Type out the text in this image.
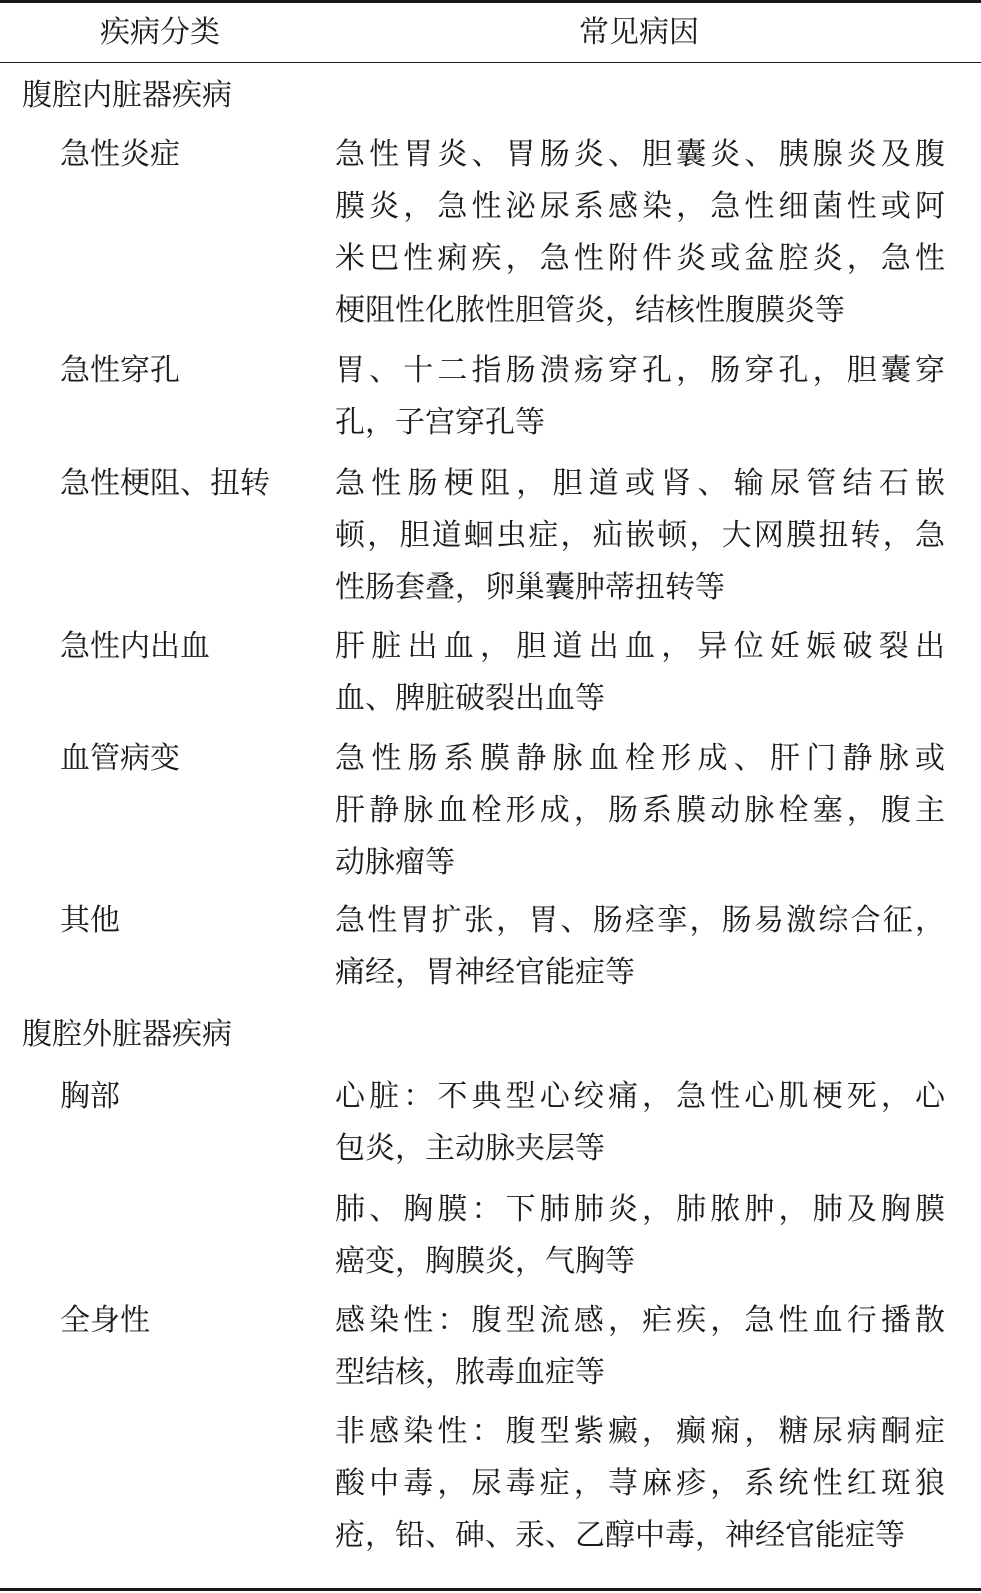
疾病分类	常见病因
腹腔内脏器疾病
急性炎症	急性胃炎、胃肠炎、胆囊炎、胰腺炎及腹
膜炎，急性泌尿系感染，急性细菌性或阿
米巴性痢疾，急性附件炎或盆腔炎，急性
梗阻性化脓性胆管炎，结核性腹膜炎等
急性穿孔	胃、十二指肠溃疡穿孔，肠穿孔，胆囊穿
孔，子宫穿孔等
急性梗阻、扭转 急性肠梗阻，胆道或肾、输尿管结石嵌
顿，胆道蛔虫症，疝嵌顿，大网膜扭转，急
性肠套叠，卵巢囊肿蒂扭转等
急性内出血	肝脏出血，胆道出血，异位妊娠破裂出
血、脾脏破裂出血等
血管病变	急性肠系膜静脉血栓形成、肝门静脉或
肝静脉血栓形成，肠系膜动脉栓塞，腹主
动脉瘤等
其他	急性胃扩张，胃、肠痉挛，肠易激综合征，
痛经，胃神经官能症等
腹腔外脏器疾病
胸部	心脏：不典型心绞痛，急性心肌梗死，心
包炎，主动脉夹层等
肺、胸膜：下肺肺炎，肺脓肿，肺及胸膜
癌变，胸膜炎，气胸等
全身性	感染性：腹型流感，疟疾，急性血行播散
型结核，脓毒血症等
非感染性：腹型紫癜，癫痫，糖尿病酮症
酸中毒，尿毒症，荨麻疹，系统性红斑狼
疮，铅、砷、汞、乙醇中毒，神经官能症等
